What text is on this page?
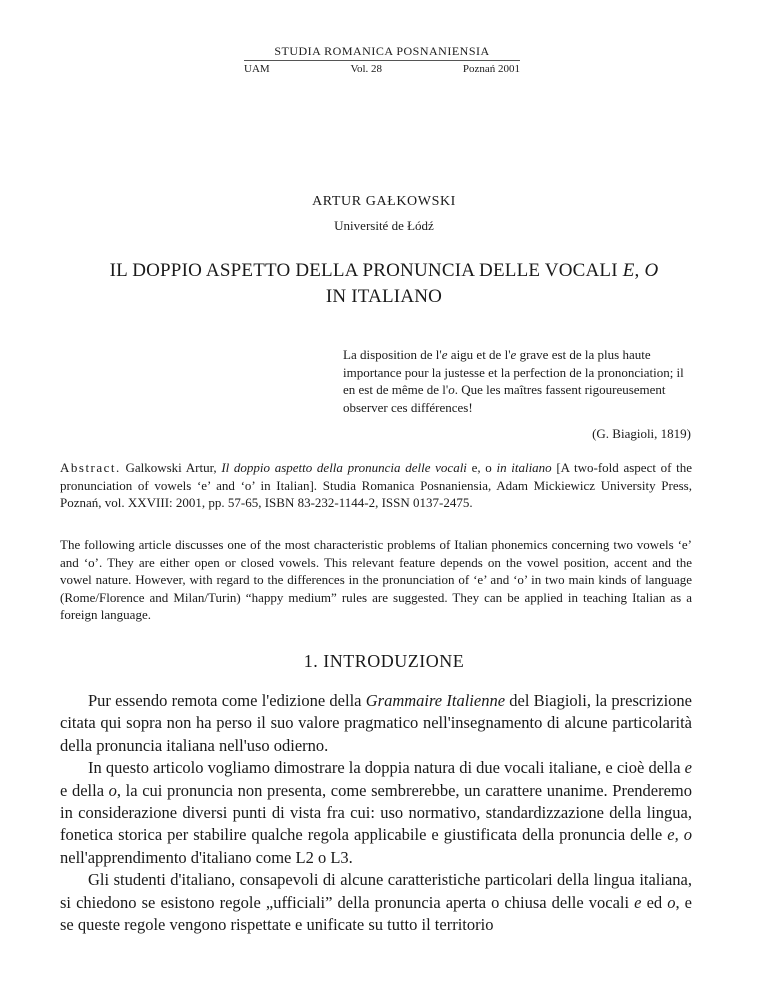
STUDIA ROMANICA POSNANIENSIA
UAM	Vol. 28	Poznań 2001
ARTUR GAŁKOWSKI
Université de Łódź
IL DOPPIO ASPETTO DELLA PRONUNCIA DELLE VOCALI E, O
IN ITALIANO
La disposition de l'e aigu et de l'e grave est de la plus haute importance pour la justesse et la perfection de la prononciation; il en est de même de l'o. Que les maîtres fassent rigoureusement observer ces différences!
(G. Biagioli, 1819)
Abstract. Galkowski Artur, Il doppio aspetto della pronuncia delle vocali e, o in italiano [A two-fold aspect of the pronunciation of vowels ‘e’ and ‘o’ in Italian]. Studia Romanica Posnaniensia, Adam Mickiewicz University Press, Poznań, vol. XXVIII: 2001, pp. 57-65, ISBN 83-232-1144-2, ISSN 0137-2475.
The following article discusses one of the most characteristic problems of Italian phonemics concerning two vowels ‘e’ and ‘o’. They are either open or closed vowels. This relevant feature depends on the vowel position, accent and the vowel nature. However, with regard to the differences in the pronunciation of ‘e’ and ‘o’ in two main kinds of language (Rome/Florence and Milan/Turin) “happy medium” rules are suggested. They can be applied in teaching Italian as a foreign language.
1. INTRODUZIONE

Pur essendo remota come l'edizione della Grammaire Italienne del Biagioli, la prescrizione citata qui sopra non ha perso il suo valore pragmatico nell'insegnamento di alcune particolarità della pronuncia italiana nell'uso odierno.

In questo articolo vogliamo dimostrare la doppia natura di due vocali italiane, e cioè della e e della o, la cui pronuncia non presenta, come sembrerebbe, un carattere unanime. Prenderemo in considerazione diversi punti di vista fra cui: uso normativo, standardizzazione della lingua, fonetica storica per stabilire qualche regola applicabile e giustificata della pronuncia delle e, o nell'apprendimento d'italiano come L2 o L3.

Gli studenti d'italiano, consapevoli di alcune caratteristiche particolari della lingua italiana, si chiedono se esistono regole „ufficiali” della pronuncia aperta o chiusa delle vocali e ed o, e se queste regole vengono rispettate e unificate su tutto il territorio
